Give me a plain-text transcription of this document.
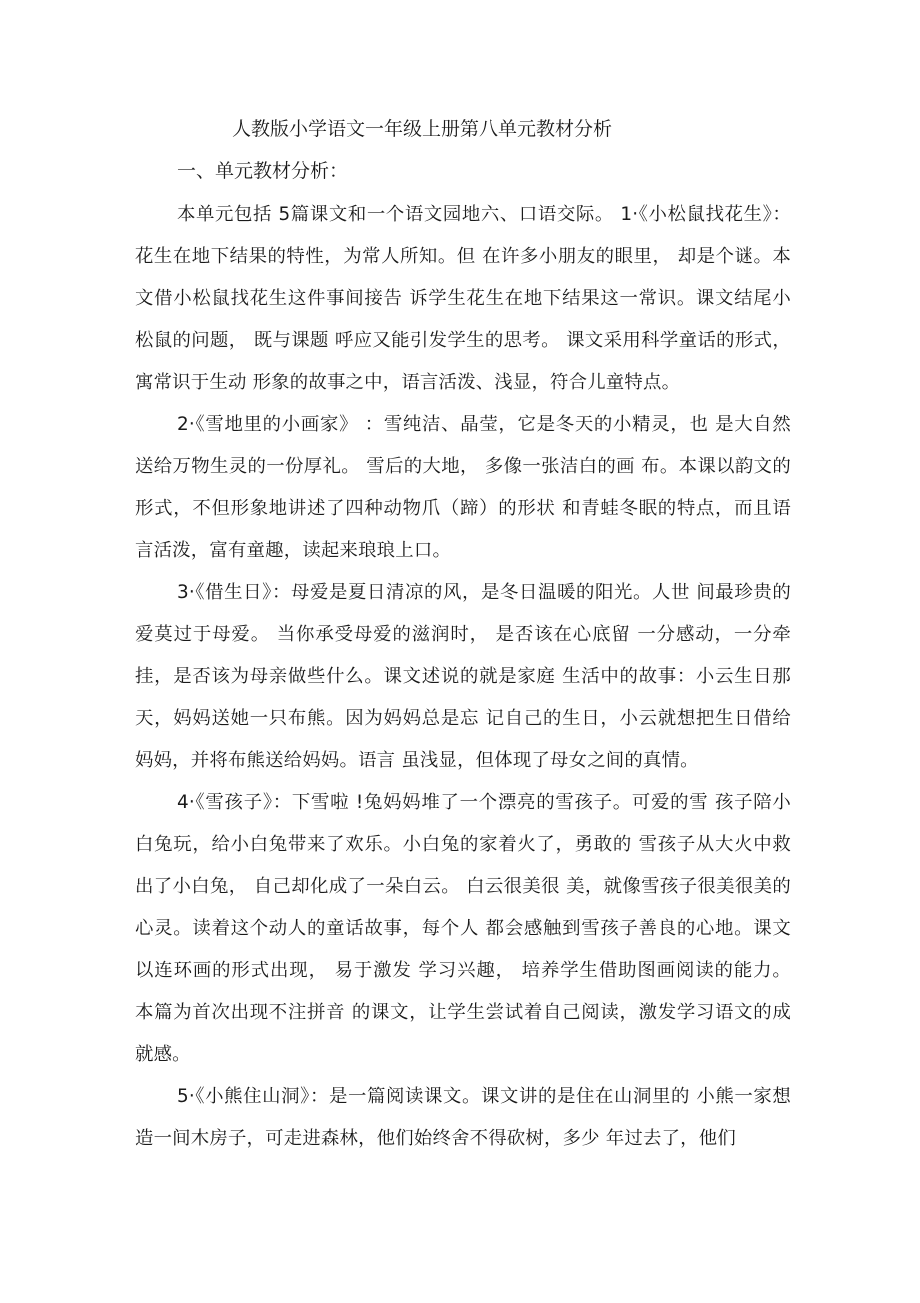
人教版小学语文一年级上册第八单元教材分析
一、单元教材分析：

本单元包括 5篇课文和一个语文园地六、口语交际。 1·《小松鼠找花生》：花生在地下结果的特性，为常人所知。但 在许多小朋友的眼里， 却是个谜。本文借小松鼠找花生这件事间接告 诉学生花生在地下结果这一常识。课文结尾小松鼠的问题， 既与课题 呼应又能引发学生的思考。 课文采用科学童话的形式， 寓常识于生动 形象的故事之中，语言活泼、浅显，符合儿童特点。

2·《雪地里的小画家》 ：雪纯洁、晶莹，它是冬天的小精灵，也 是大自然送给万物生灵的一份厚礼。 雪后的大地， 多像一张洁白的画 布。本课以韵文的形式，不但形象地讲述了四种动物爪（蹄）的形状 和青蛙冬眠的特点，而且语言活泼，富有童趣，读起来琅琅上口。

3·《借生日》：母爱是夏日清凉的风，是冬日温暖的阳光。人世 间最珍贵的爱莫过于母爱。 当你承受母爱的滋润时， 是否该在心底留 一分感动，一分牵挂，是否该为母亲做些什么。课文述说的就是家庭 生活中的故事：小云生日那天，妈妈送她一只布熊。因为妈妈总是忘 记自己的生日，小云就想把生日借给妈妈，并将布熊送给妈妈。语言 虽浅显，但体现了母女之间的真情。

4·《雪孩子》：下雪啦 !兔妈妈堆了一个漂亮的雪孩子。可爱的雪 孩子陪小白兔玩，给小白兔带来了欢乐。小白兔的家着火了，勇敢的 雪孩子从大火中救出了小白兔， 自己却化成了一朵白云。 白云很美很 美，就像雪孩子很美很美的心灵。读着这个动人的童话故事，每个人 都会感触到雪孩子善良的心地。课文以连环画的形式出现， 易于激发 学习兴趣， 培养学生借助图画阅读的能力。 本篇为首次出现不注拼音 的课文，让学生尝试着自己阅读，激发学习语文的成就感。

5·《小熊住山洞》：是一篇阅读课文。课文讲的是住在山洞里的 小熊一家想造一间木房子，可走进森林，他们始终舍不得砍树，多少 年过去了，他们
